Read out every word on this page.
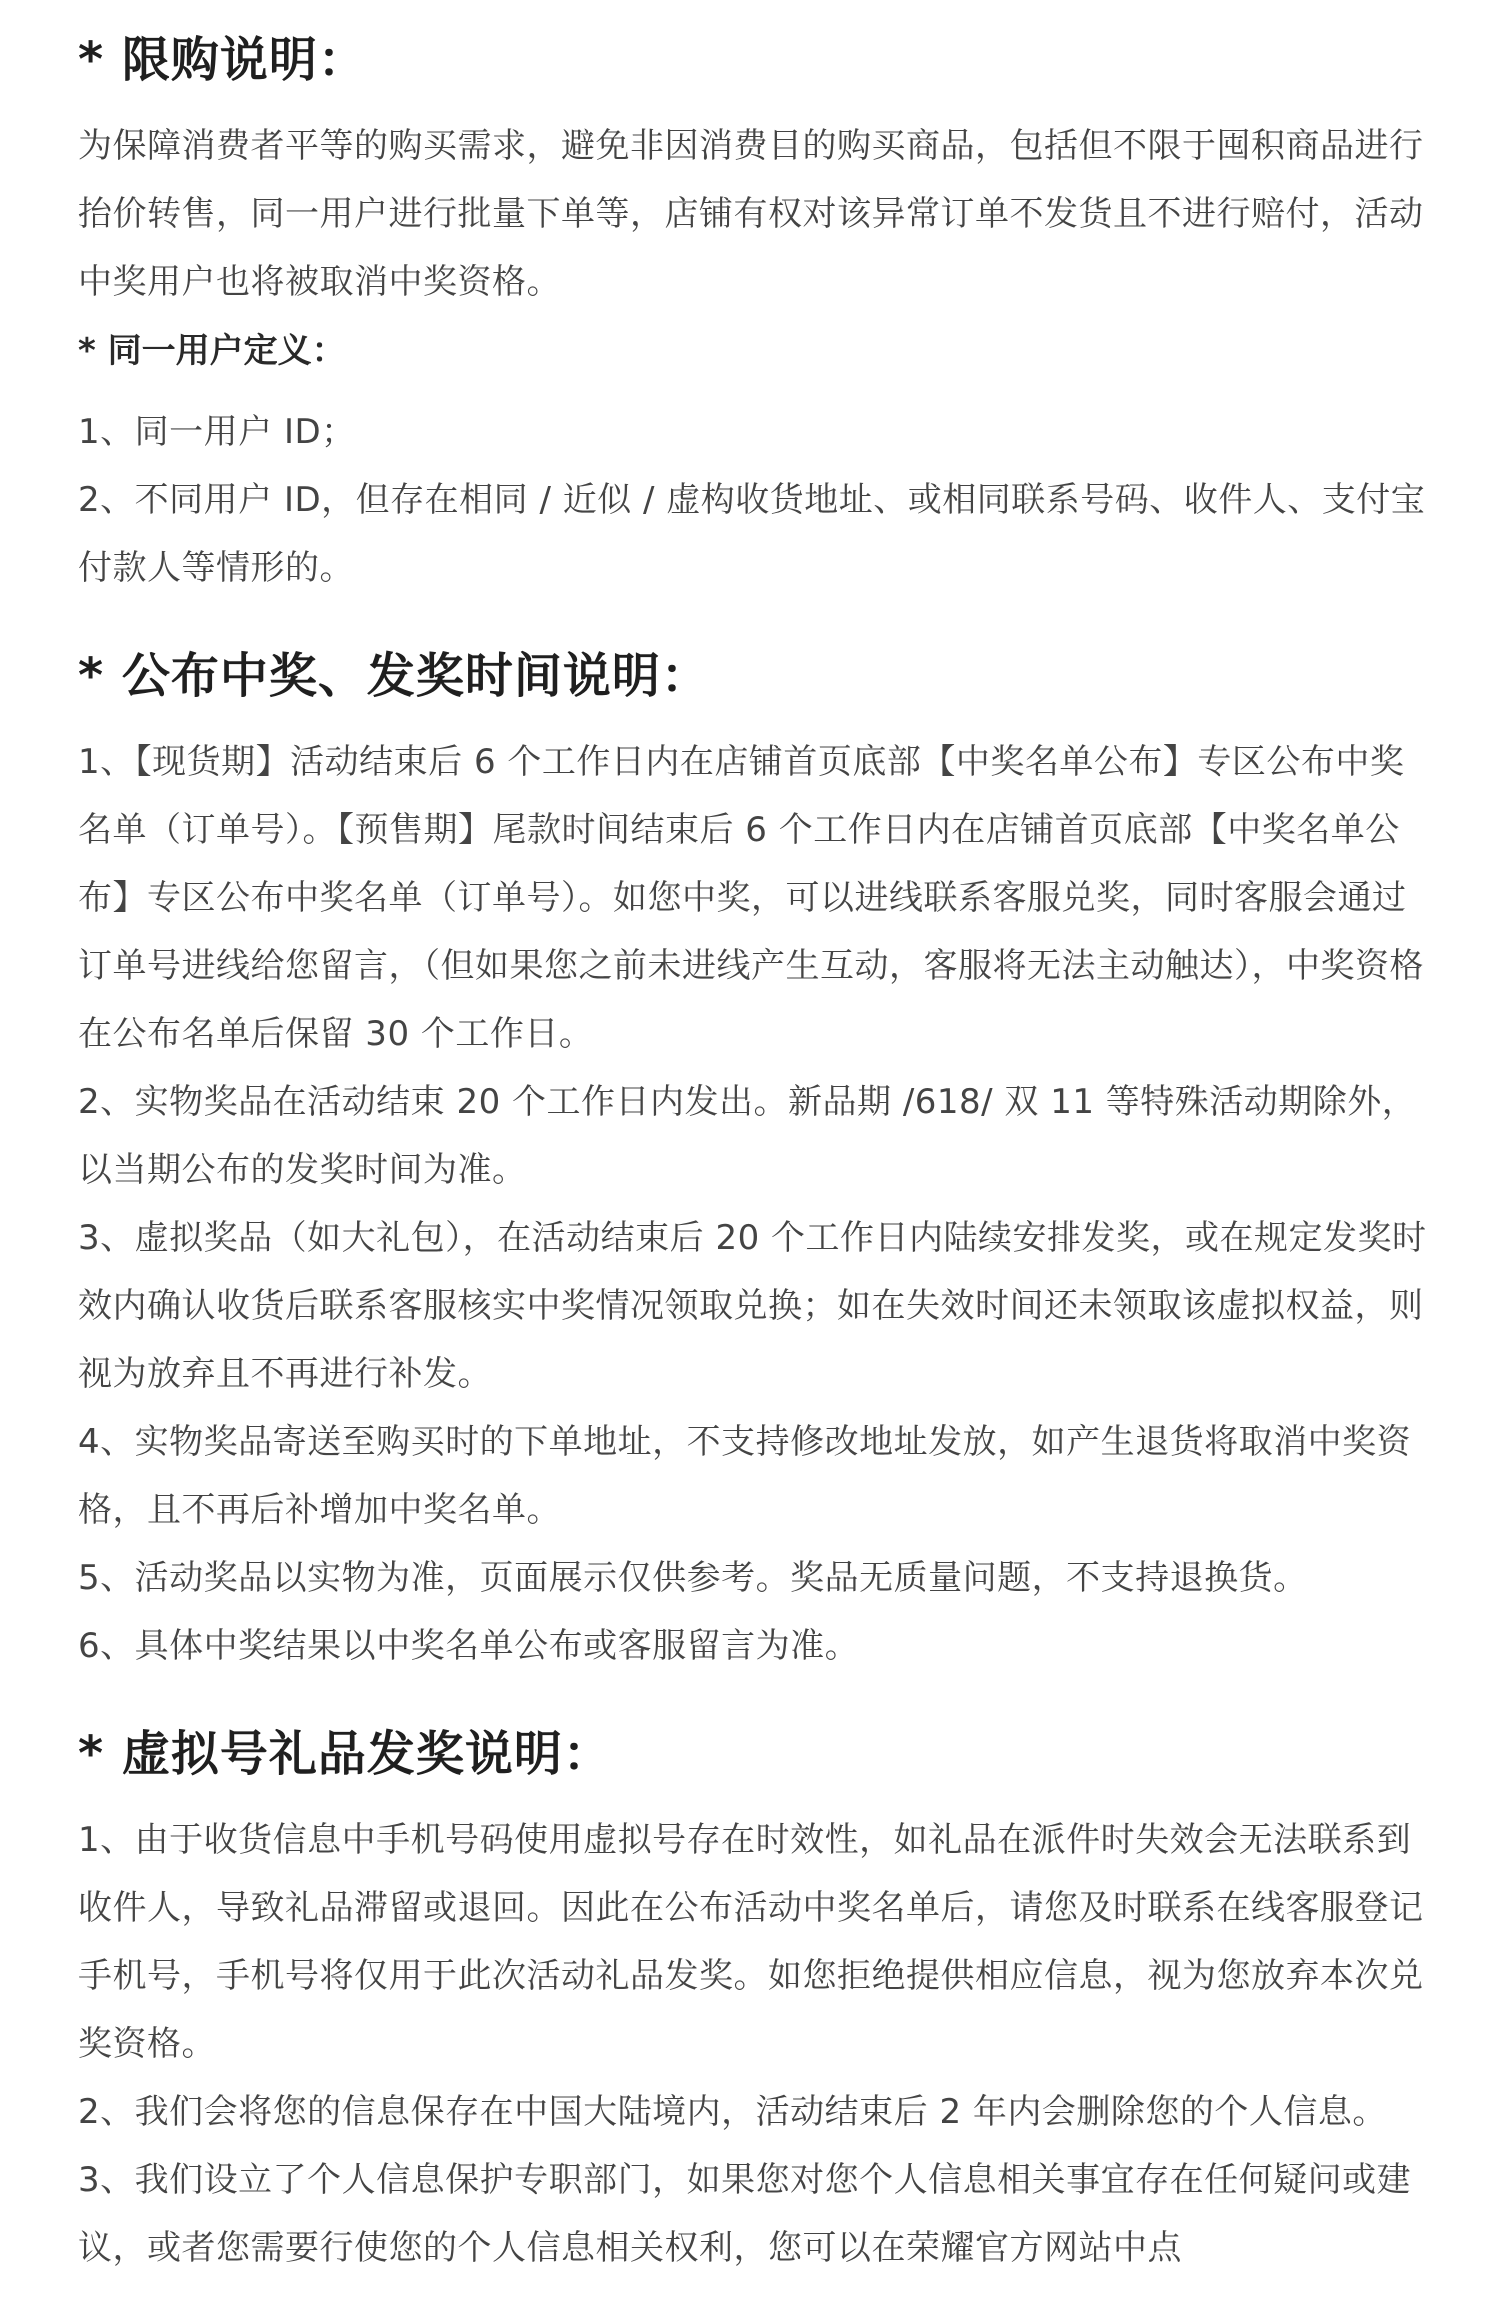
* 限购说明：

为保障消费者平等的购买需求，避免非因消费目的购买商品，包括但不限于囤积商品进行抬价转售，同一用户进行批量下单等，店铺有权对该异常订单不发货且不进行赔付，活动中奖用户也将被取消中奖资格。

* 同一用户定义：

1、同一用户 ID；

2、不同用户 ID，但存在相同 / 近似 / 虚构收货地址、或相同联系号码、收件人、支付宝付款人等情形的。

* 公布中奖、发奖时间说明：

1、【现货期】活动结束后 6 个工作日内在店铺首页底部【中奖名单公布】专区公布中奖名单（订单号）。【预售期】尾款时间结束后 6 个工作日内在店铺首页底部【中奖名单公布】专区公布中奖名单（订单号）。如您中奖，可以进线联系客服兑奖，同时客服会通过订单号进线给您留言，（但如果您之前未进线产生互动，客服将无法主动触达），中奖资格在公布名单后保留 30 个工作日。

2、实物奖品在活动结束 20 个工作日内发出。新品期 /618/ 双 11 等特殊活动期除外，以当期公布的发奖时间为准。

3、虚拟奖品（如大礼包），在活动结束后 20 个工作日内陆续安排发奖，或在规定发奖时效内确认收货后联系客服核实中奖情况领取兑换；如在失效时间还未领取该虚拟权益，则视为放弃且不再进行补发。

4、实物奖品寄送至购买时的下单地址，不支持修改地址发放，如产生退货将取消中奖资格，且不再后补增加中奖名单。

5、活动奖品以实物为准，页面展示仅供参考。奖品无质量问题，不支持退换货。

6、具体中奖结果以中奖名单公布或客服留言为准。

* 虚拟号礼品发奖说明：

1、由于收货信息中手机号码使用虚拟号存在时效性，如礼品在派件时失效会无法联系到收件人，导致礼品滞留或退回。因此在公布活动中奖名单后，请您及时联系在线客服登记手机号，手机号将仅用于此次活动礼品发奖。如您拒绝提供相应信息，视为您放弃本次兑奖资格。

2、我们会将您的信息保存在中国大陆境内，活动结束后 2 年内会删除您的个人信息。

3、我们设立了个人信息保护专职部门，如果您对您个人信息相关事宜存在任何疑问或建议，或者您需要行使您的个人信息相关权利，您可以在荣耀官方网站中点
